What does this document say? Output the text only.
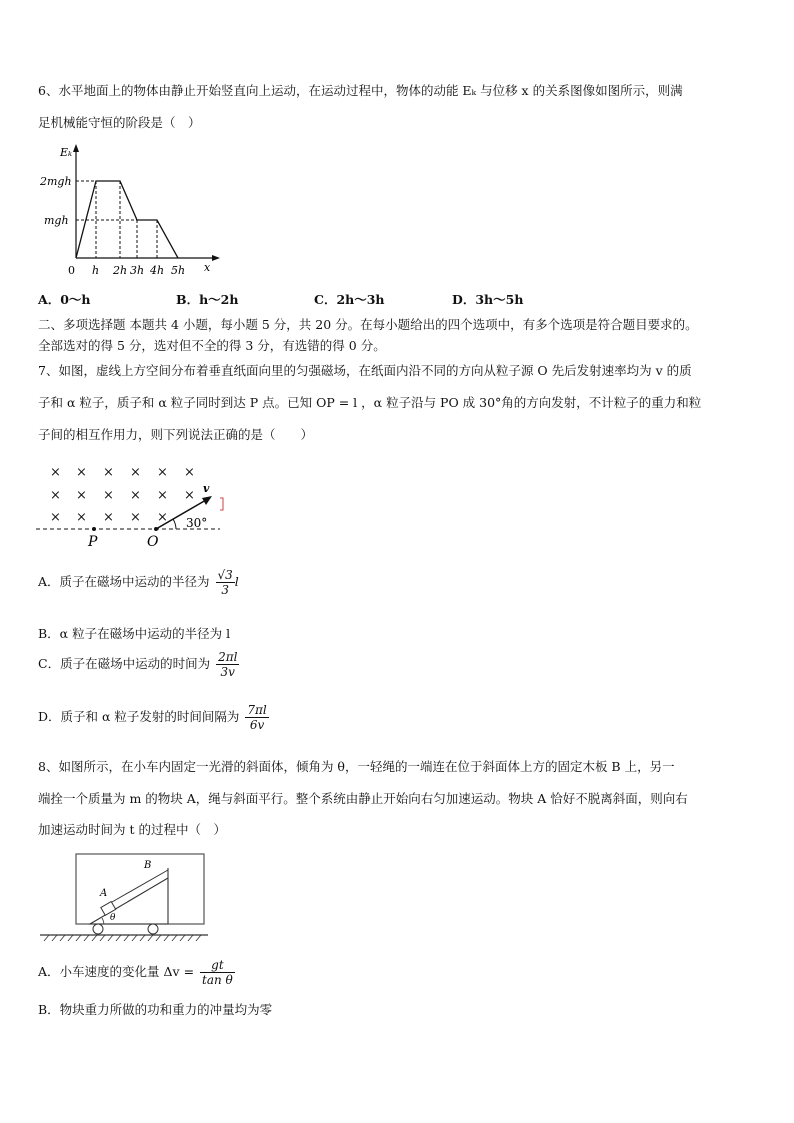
6、水平地面上的物体由静止开始竖直向上运动，在运动过程中，物体的动能 Eₖ 与位移 x 的关系图像如图所示，则满
足机械能守恒的阶段是（　）
Eₖ
2mgh
mgh
x
0 h 2h 3h 4h 5h
A．0～h	B．h～2h	C．2h～3h	D．3h～5h
二、多项选择题 本题共 4 小题，每小题 5 分，共 20 分。在每小题给出的四个选项中，有多个选项是符合题目要求的。
全部选对的得 5 分，选对但不全的得 3 分，有选错的得 0 分。
7、如图，虚线上方空间分布着垂直纸面向里的匀强磁场，在纸面内沿不同的方向从粒子源 O 先后发射速率均为 v 的质
子和 α 粒子，质子和 α 粒子同时到达 P 点。已知 OP = l ，α 粒子沿与 PO 成 30°角的方向发射，不计粒子的重力和粒
子间的相互作用力，则下列说法正确的是（　　）
× × × × × ×
× × × × × ×
× × × × ×
v
30°
P	O
A．质子在磁场中运动的半径为 $\frac{√3}{3}$ l
B．α 粒子在磁场中运动的半径为 l
C．质子在磁场中运动的时间为 $\frac{2\pi l}{3v}$
D．质子和 α 粒子发射的时间间隔为 $\frac{7\pi l}{6v}$
8、如图所示，在小车内固定一光滑的斜面体，倾角为 θ，一轻绳的一端连在位于斜面体上方的固定木板 B 上，另一
端拴一个质量为 m 的物块 A，绳与斜面平行。整个系统由静止开始向右匀加速运动。物块 A 恰好不脱离斜面，则向右
加速运动时间为 t 的过程中（　）
A
B
θ
A．小车速度的变化量 $\Delta v = \frac{gt}{\text{tan θ}}$
B．物块重力所做的功和重力的冲量均为零
